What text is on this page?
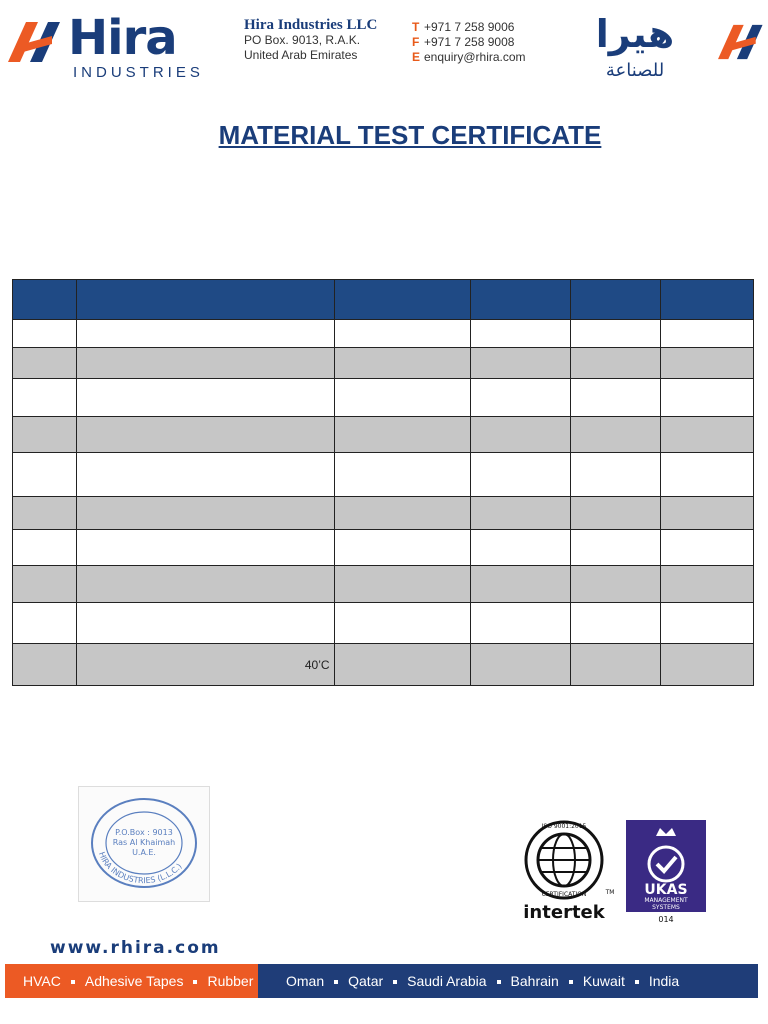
Hira
INDUSTRIES
Hira Industries LLC
PO Box. 9013, R.A.K.
United Arab Emirates
T +971 7 258 9006
F +971 7 258 9008
E enquiry@rhira.com
هيرا
للصناعة
MATERIAL TEST CERTIFICATE

	40’C				
HIRA INDUSTRIES (L.L.C.)
P.O.Box : 9013
Ras Al Khaimah
U.A.E.
ISO 9001:2015
CERTIFICATION	TM
intertek
UKAS
MANAGEMENT
SYSTEMS
014
www.rhira.com
HVAC Adhesive Tapes Rubber	Oman Qatar Saudi Arabia Bahrain Kuwait India
